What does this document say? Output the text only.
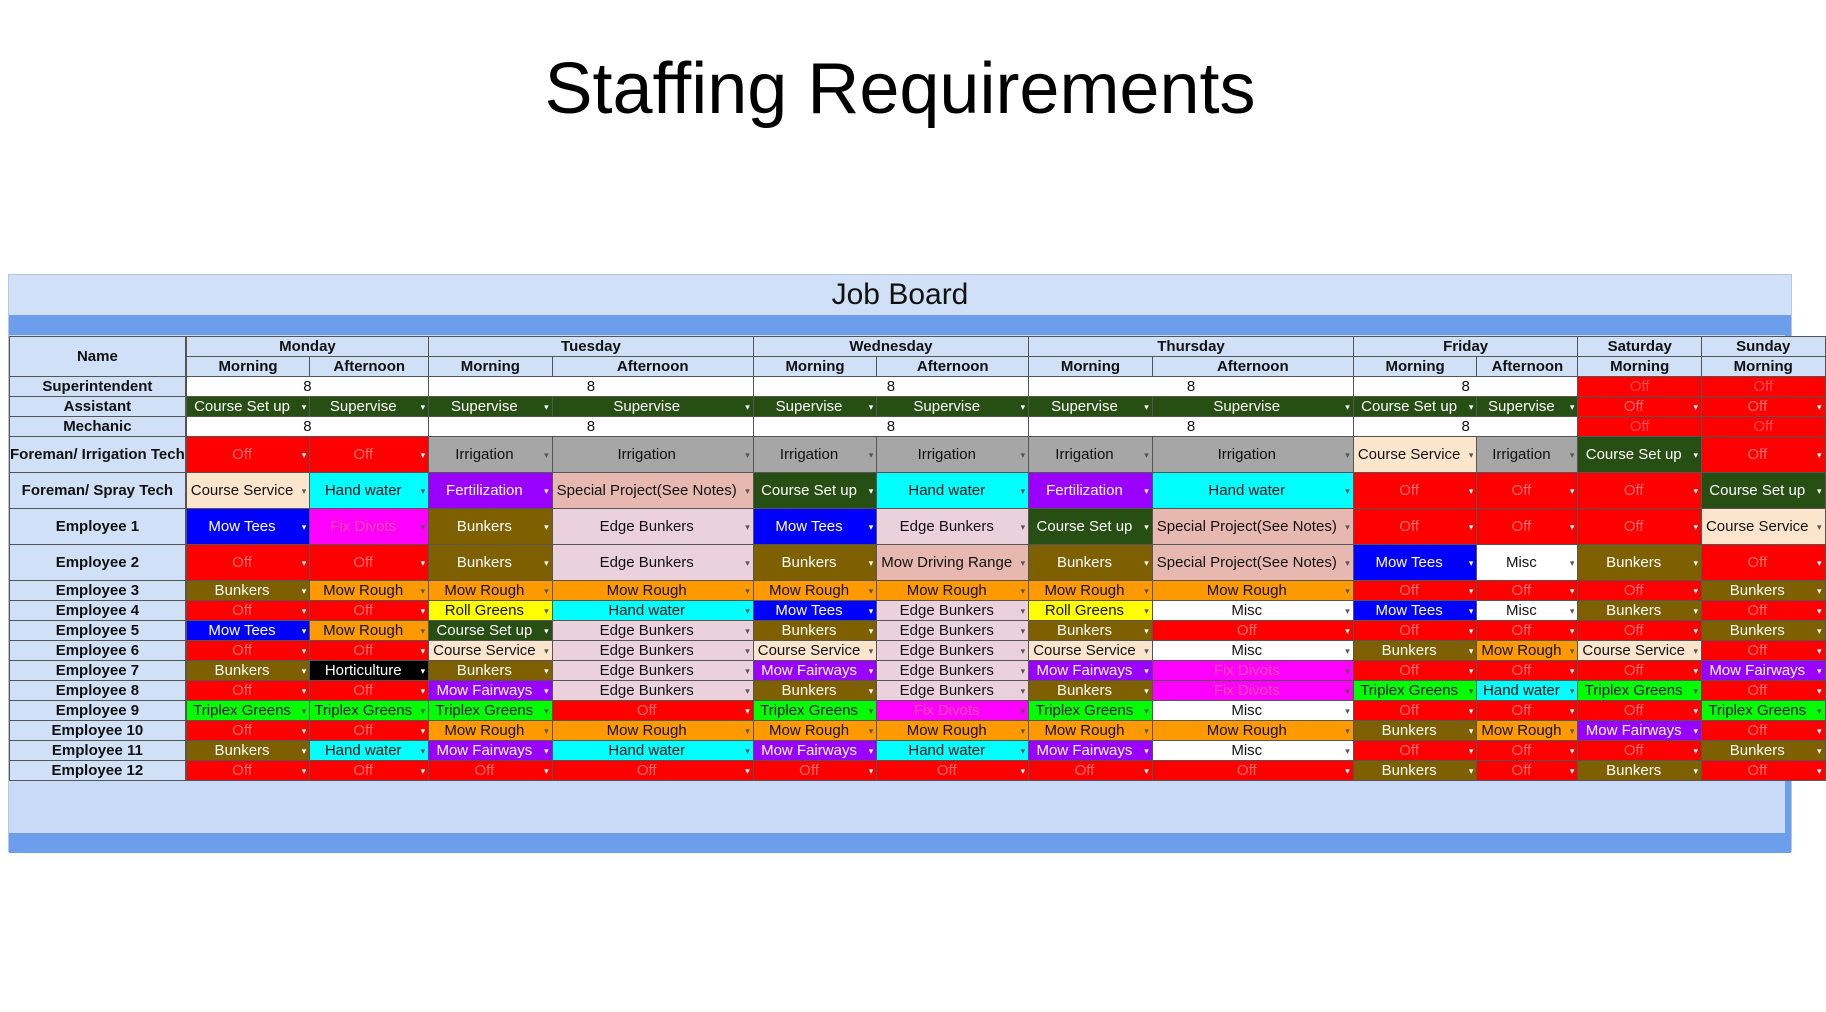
Staffing Requirements
Job Board
Name		Monday		Tuesday		Wednesday		Thursday		Friday		Saturday	Sunday
	Morning	Afternoon	Morning	Afternoon	Morning	Afternoon	Morning	Afternoon	Morning	Afternoon	Morning	Morning
Superintendent		8		8		8		8		8		Off	Off

Assistant		Course Set up ▾	Supervise ▾	Supervise ▾	Supervise ▾	Supervise ▾	Supervise ▾	Supervise ▾	Supervise ▾	Course Set up ▾	Supervise ▾	Off ▾	Off ▾

Mechanic		8		8		8		8		8		Off	Off

Foreman/ Irrigation Tech		Off ▾	Off ▾	Irrigation ▾	Irrigation ▾	Irrigation ▾	Irrigation ▾	Irrigation ▾	Irrigation ▾	Course Service ▾	Irrigation ▾	Course Set up ▾	Off ▾

Foreman/ Spray Tech		Course Service ▾	Hand water ▾	Fertilization ▾	Special Project(See Notes) ▾	Course Set up ▾	Hand water ▾	Fertilization ▾	Hand water ▾	Off ▾	Off ▾	Off ▾	Course Set up ▾

Employee 1		Mow Tees ▾	Fix Divots ▾	Bunkers ▾	Edge Bunkers ▾	Mow Tees ▾	Edge Bunkers ▾	Course Set up ▾	Special Project(See Notes) ▾	Off ▾	Off ▾	Off ▾	Course Service ▾

Employee 2		Off ▾	Off ▾	Bunkers ▾	Edge Bunkers ▾	Bunkers ▾	Mow Driving Range ▾	Bunkers ▾	Special Project(See Notes) ▾	Mow Tees ▾	Misc ▾	Bunkers ▾	Off ▾

Employee 3		Bunkers ▾	Mow Rough ▾	Mow Rough ▾	Mow Rough ▾	Mow Rough ▾	Mow Rough ▾	Mow Rough ▾	Mow Rough ▾	Off ▾	Off ▾	Off ▾	Bunkers ▾

Employee 4		Off ▾	Off ▾	Roll Greens ▾	Hand water ▾	Mow Tees ▾	Edge Bunkers ▾	Roll Greens ▾	Misc ▾	Mow Tees ▾	Misc ▾	Bunkers ▾	Off ▾

Employee 5		Mow Tees ▾	Mow Rough ▾	Course Set up ▾	Edge Bunkers ▾	Bunkers ▾	Edge Bunkers ▾	Bunkers ▾	Off ▾	Off ▾	Off ▾	Off ▾	Bunkers ▾

Employee 6		Off ▾	Off ▾	Course Service ▾	Edge Bunkers ▾	Course Service ▾	Edge Bunkers ▾	Course Service ▾	Misc ▾	Bunkers ▾	Mow Rough ▾	Course Service ▾	Off ▾

Employee 7		Bunkers ▾	Horticulture ▾	Bunkers ▾	Edge Bunkers ▾	Mow Fairways ▾	Edge Bunkers ▾	Mow Fairways ▾	Fix Divots ▾	Off ▾	Off ▾	Off ▾	Mow Fairways ▾

Employee 8		Off ▾	Off ▾	Mow Fairways ▾	Edge Bunkers ▾	Bunkers ▾	Edge Bunkers ▾	Bunkers ▾	Fix Divots ▾	Triplex Greens ▾	Hand water ▾	Triplex Greens ▾	Off ▾

Employee 9		Triplex Greens ▾	Triplex Greens ▾	Triplex Greens ▾	Off ▾	Triplex Greens ▾	Fix Divots ▾	Triplex Greens ▾	Misc ▾	Off ▾	Off ▾	Off ▾	Triplex Greens ▾

Employee 10		Off ▾	Off ▾	Mow Rough ▾	Mow Rough ▾	Mow Rough ▾	Mow Rough ▾	Mow Rough ▾	Mow Rough ▾	Bunkers ▾	Mow Rough ▾	Mow Fairways ▾	Off ▾

Employee 11		Bunkers ▾	Hand water ▾	Mow Fairways ▾	Hand water ▾	Mow Fairways ▾	Hand water ▾	Mow Fairways ▾	Misc ▾	Off ▾	Off ▾	Off ▾	Bunkers ▾

Employee 12		Off ▾	Off ▾	Off ▾	Off ▾	Off ▾	Off ▾	Off ▾	Off ▾	Bunkers ▾	Off ▾	Bunkers ▾	Off ▾
